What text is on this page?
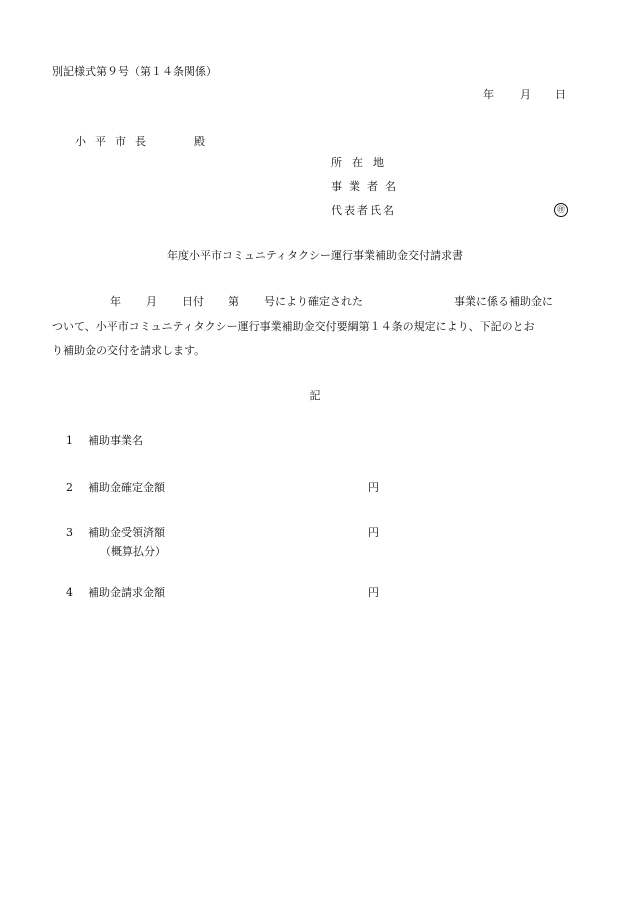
別記様式第９号（第１４条関係）
年 月 日
小平市長	殿
所在地
事業者名
代表者氏名	㊞
年度小平市コミュニティタクシー運行事業補助金交付請求書
年 月 日付 第 号により確定された	事業に係る補助金に
ついて、小平市コミュニティタクシー運行事業補助金交付要綱第１４条の規定により、下記のとお
り補助金の交付を請求します。
記
1 補助事業名
2 補助金確定金額	円
3 補助金受領済額	円
（概算払分）
4 補助金請求金額	円
